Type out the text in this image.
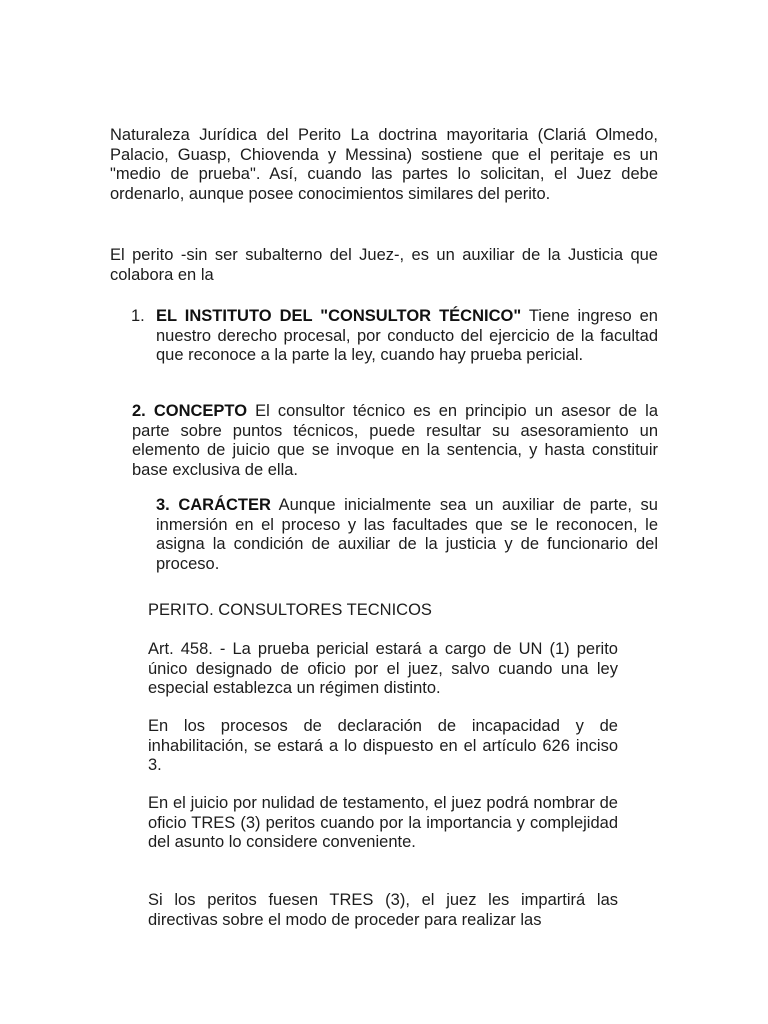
Naturaleza Jurídica del Perito La doctrina mayoritaria (Clariá Olmedo, Palacio, Guasp, Chiovenda y Messina) sostiene que el peritaje es un "medio de prueba". Así, cuando las partes lo solicitan, el Juez debe ordenarlo, aunque posee conocimientos similares del perito.

El perito -sin ser subalterno del Juez-, es un auxiliar de la Justicia que colabora en la

1. EL INSTITUTO DEL "CONSULTOR TÉCNICO" Tiene ingreso en nuestro derecho procesal, por conducto del ejercicio de la facultad que reconoce a la parte la ley, cuando hay prueba pericial.

2. CONCEPTO El consultor técnico es en principio un asesor de la parte sobre puntos técnicos, puede resultar su asesoramiento un elemento de juicio que se invoque en la sentencia, y hasta constituir base exclusiva de ella.

3. CARÁCTER Aunque inicialmente sea un auxiliar de parte, su inmersión en el proceso y las facultades que se le reconocen, le asigna la condición de auxiliar de la justicia y de funcionario del proceso.

PERITO. CONSULTORES TECNICOS

Art. 458. - La prueba pericial estará a cargo de UN (1) perito único designado de oficio por el juez, salvo cuando una ley especial establezca un régimen distinto.

En los procesos de declaración de incapacidad y de inhabilitación, se estará a lo dispuesto en el artículo 626 inciso 3.

En el juicio por nulidad de testamento, el juez podrá nombrar de oficio TRES (3) peritos cuando por la importancia y complejidad del asunto lo considere conveniente.

Si los peritos fuesen TRES (3), el juez les impartirá las directivas sobre el modo de proceder para realizar las
